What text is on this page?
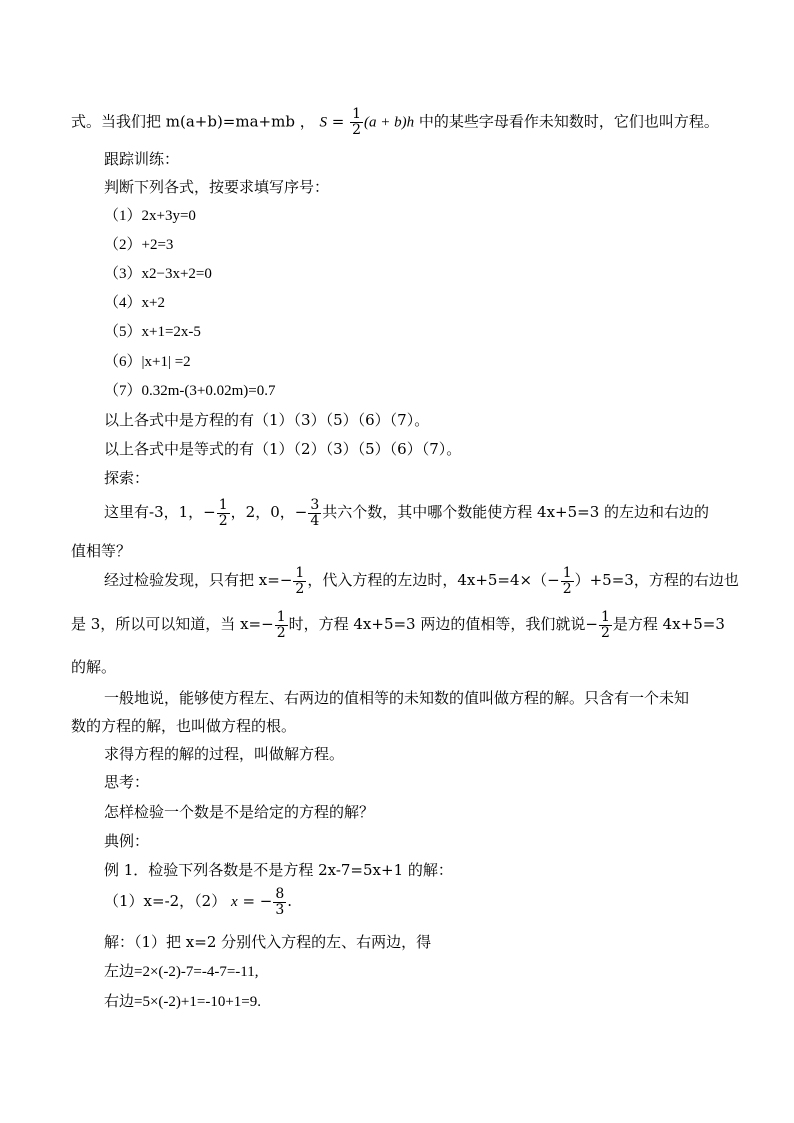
式。当我们把 m(a+b)=ma+mb ， $S = \frac{1}{2} (a + b)h$ 中的某些字母看作未知数时，它们也叫方程。
跟踪训练：
判断下列各式，按要求填写序号：
（1）2x+3y=0
（2）+2=3
（3）x2−3x+2=0
（4）x+2
（5）x+1=2x-5
（6）|x+1| =2
（7）0.32m-(3+0.02m)=0.7
以上各式中是方程的有（1）（3）（5）（6）（7）。
以上各式中是等式的有（1）（2）（3）（5）（6）（7）。
探索：
这里有-3，1，− $\frac{1}{2}$ ，2，0，− $\frac{3}{4}$ 共六个数，其中哪个数能使方程 4x+5=3 的左边和右边的
值相等？
经过检验发现，只有把 $x=- \frac{1}{2}$ ，代入方程的左边时，$4x+5=4\times(- \frac{1}{2} )+5=3$，方程的右边也
是 3，所以可以知道，当 $x=- \frac{1}{2}$ 时，方程 4x+5=3 两边的值相等，我们就说− $\frac{1}{2}$ 是方程 4x+5=3
的解。
一般地说，能够使方程左、右两边的值相等的未知数的值叫做方程的解。只含有一个未知
数的方程的解，也叫做方程的根。
求得方程的解的过程，叫做解方程。
思考：
怎样检验一个数是不是给定的方程的解？
典例：
例 1．检验下列各数是不是方程 2x-7=5x+1 的解：
（1）x=-2，（2） x = − $\frac{8}{3}$ .
解：（1）把 x=2 分别代入方程的左、右两边，得
左边=2×(-2)-7=-4-7=-11,
右边=5×(-2)+1=-10+1=9.
